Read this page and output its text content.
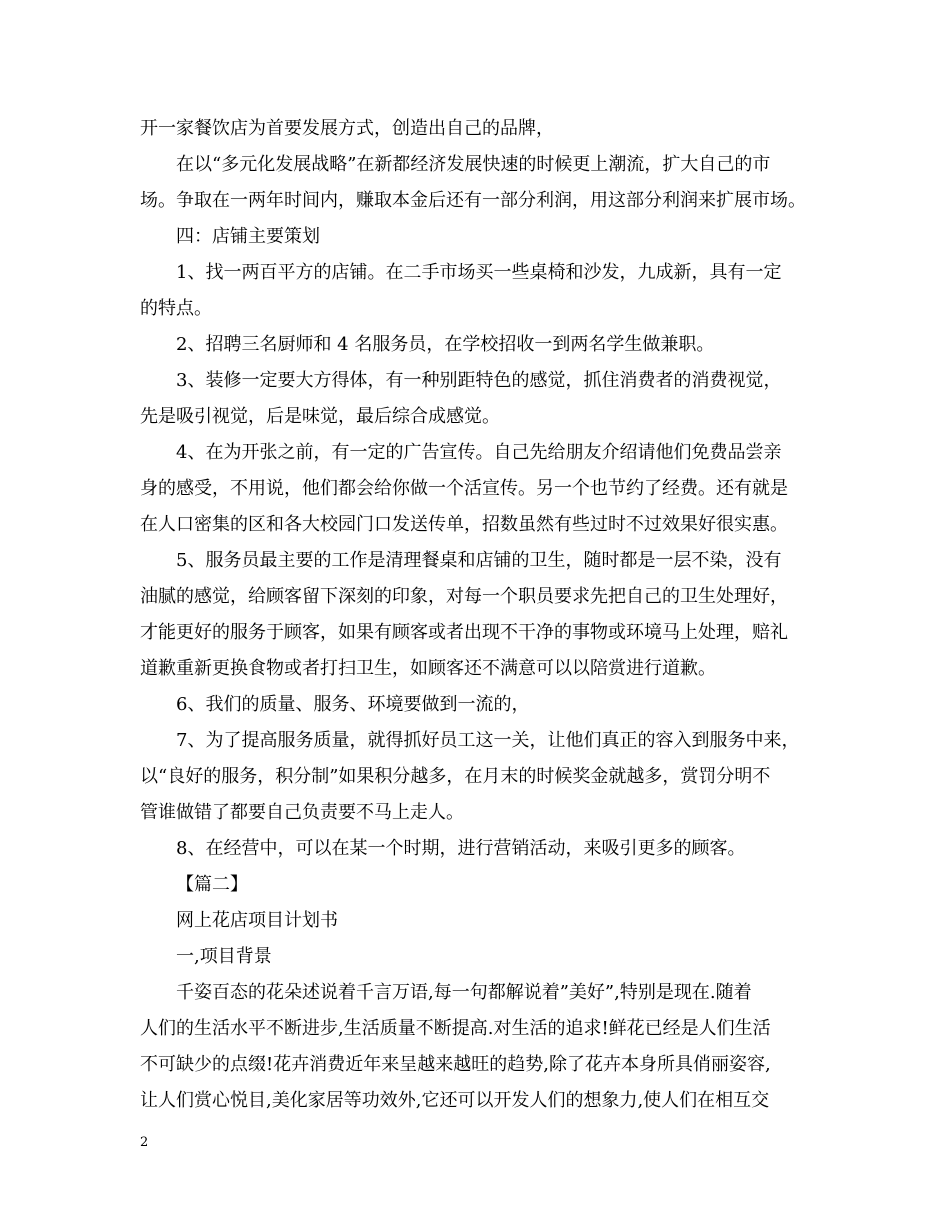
开一家餐饮店为首要发展方式，创造出自己的品牌，
在以“多元化发展战略”在新都经济发展快速的时候更上潮流，扩大自己的市
场。争取在一两年时间内，赚取本金后还有一部分利润，用这部分利润来扩展市场。
四：店铺主要策划
1、找一两百平方的店铺。在二手市场买一些桌椅和沙发，九成新，具有一定
的特点。
2、招聘三名厨师和 4 名服务员，在学校招收一到两名学生做兼职。
3、装修一定要大方得体，有一种别距特色的感觉，抓住消费者的消费视觉，
先是吸引视觉，后是味觉，最后综合成感觉。
4、在为开张之前，有一定的广告宣传。自己先给朋友介绍请他们免费品尝亲
身的感受，不用说，他们都会给你做一个活宣传。另一个也节约了经费。还有就是
在人口密集的区和各大校园门口发送传单，招数虽然有些过时不过效果好很实惠。
5、服务员最主要的工作是清理餐桌和店铺的卫生，随时都是一层不染，没有
油腻的感觉，给顾客留下深刻的印象，对每一个职员要求先把自己的卫生处理好，
才能更好的服务于顾客，如果有顾客或者出现不干净的事物或环境马上处理，赔礼
道歉重新更换食物或者打扫卫生，如顾客还不满意可以以陪赏进行道歉。
6、我们的质量、服务、环境要做到一流的，
7、为了提高服务质量，就得抓好员工这一关，让他们真正的容入到服务中来，
以“良好的服务，积分制”如果积分越多，在月末的时候奖金就越多，赏罚分明不
管谁做错了都要自己负责要不马上走人。
8、在经营中，可以在某一个时期，进行营销活动，来吸引更多的顾客。
【篇二】
网上花店项目计划书
一,项目背景
千姿百态的花朵述说着千言万语,每一句都解说着”美好”,特别是现在.随着
人们的生活水平不断进步,生活质量不断提高.对生活的追求!鲜花已经是人们生活
不可缺少的点缀!花卉消费近年来呈越来越旺的趋势,除了花卉本身所具俏丽姿容,
让人们赏心悦目,美化家居等功效外,它还可以开发人们的想象力,使人们在相互交
2
